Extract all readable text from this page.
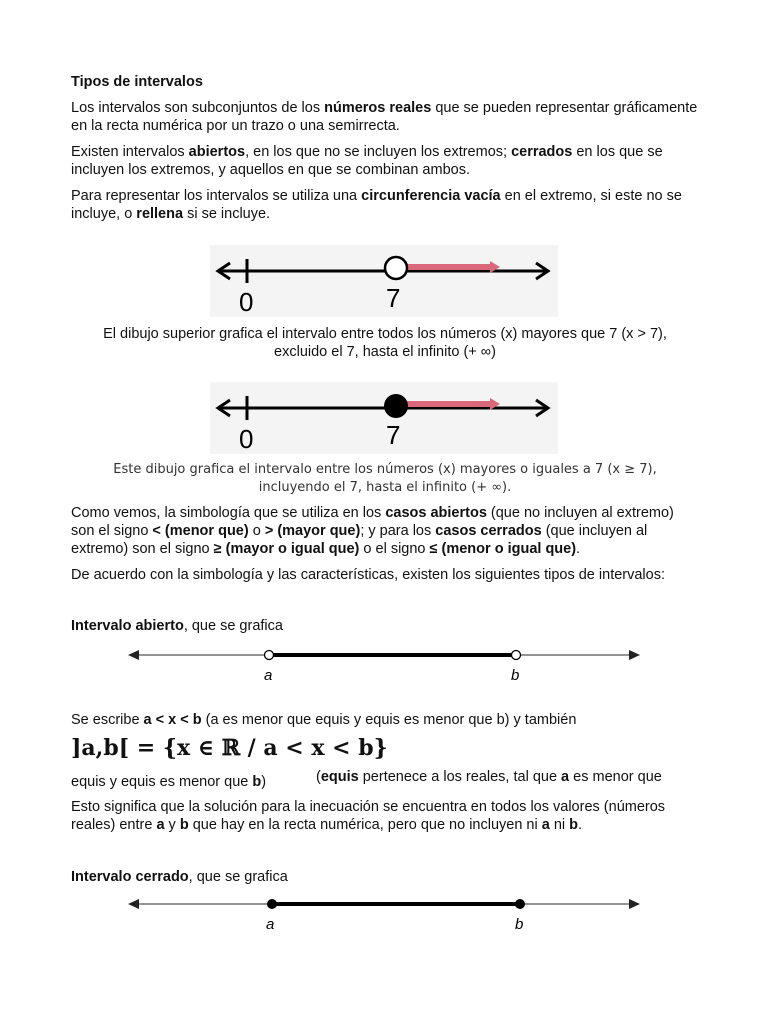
Tipos de intervalos

Los intervalos son subconjuntos de los números reales que se pueden representar gráficamente en la recta numérica por un trazo o una semirrecta.

Existen intervalos abiertos, en los que no se incluyen los extremos; cerrados en los que se incluyen los extremos, y aquellos en que se combinan ambos.

Para representar los intervalos se utiliza una circunferencia vacía en el extremo, si este no se incluye, o rellena si se incluye.

0	7

El dibujo superior grafica el intervalo entre todos los números (x) mayores que 7 (x > 7),
excluido el 7, hasta el infinito (+ ∞)

0	7

Este dibujo grafica el intervalo entre los números (x) mayores o iguales a 7 (x ≥ 7),
incluyendo el 7, hasta el infinito (+ ∞).

Como vemos, la simbología que se utiliza en los casos abiertos (que no incluyen al extremo) son el signo < (menor que) o > (mayor que); y para los casos cerrados (que incluyen al extremo) son el signo ≥ (mayor o igual que) o el signo ≤ (menor o igual que).

De acuerdo con la simbología y las características, existen los siguientes tipos de intervalos:

Intervalo abierto, que se grafica

a	b

Se escribe a < x < b (a es menor que equis y equis es menor que b) y también

]a,b[ = {x ∈ ℝ / a < x < b}

(equis pertenece a los reales, tal que a es menor que

equis y equis es menor que b)

Esto significa que la solución para la inecuación se encuentra en todos los valores (números reales) entre a y b que hay en la recta numérica, pero que no incluyen ni a ni b.

Intervalo cerrado, que se grafica

a	b
